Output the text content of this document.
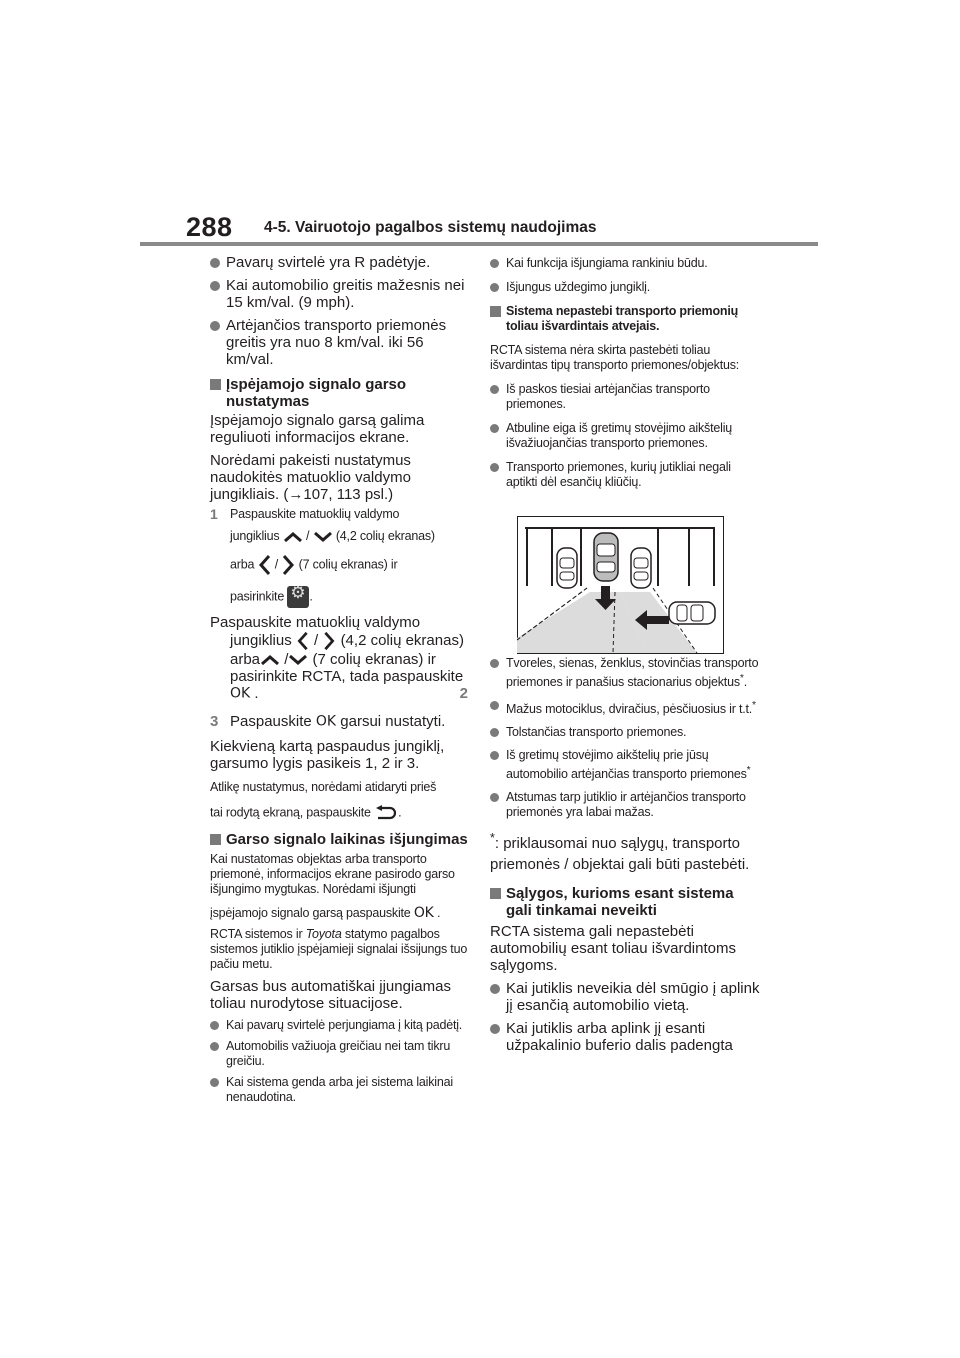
288 4-5. Vairuotojo pagalbos sistemų naudojimas

Pavarų svirtelė yra R padėtyje.

Kai automobilio greitis mažesnis nei 15 km/val. (9 mph).

Artėjančios transporto priemonės greitis yra nuo 8 km/val. iki 56 km/val.

Įspėjamojo signalo garso nustatymas

Įspėjamojo signalo garsą galima reguliuoti informacijos ekrane.

Norėdami pakeisti nustatymus naudokitės matuoklio valdymo jungikliais. (→107, 113 psl.)

1 Paspauskite matuoklių valdymo
jungiklius / (4,2 colių ekranas)
arba / (7 colių ekranas) ir
pasirinkite ⚙ .
Paspauskite matuoklių valdymo
jungiklius / (4,2 colių ekranas)
arba / (7 colių ekranas) ir
pasirinkite RCTA, tada paspauskite
OK .	2
3 Paspauskite OK garsui nustatyti.

Kiekvieną kartą paspaudus jungiklį, garsumo lygis pasikeis 1, 2 ir 3.

Atlikę nustatymus, norėdami atidaryti prieš

tai rodytą ekraną, paspauskite .

Garso signalo laikinas išjungimas

Kai nustatomas objektas arba transporto priemonė, informacijos ekrane pasirodo garso išjungimo mygtukas. Norėdami išjungti

įspėjamojo signalo garsą paspauskite OK .

RCTA sistemos ir Toyota statymo pagalbos sistemos jutiklio įspėjamieji signalai išsijungs tuo pačiu metu.

Garsas bus automatiškai įjungiamas toliau nurodytose situacijose.

Kai pavarų svirtelė perjungiama į kitą padėtį.

Automobilis važiuoja greičiau nei tam tikru greičiu.

Kai sistema genda arba jei sistema laikinai nenaudotina.

Kai funkcija išjungiama rankiniu būdu.

Išjungus uždegimo jungiklį.

Sistema nepastebi transporto priemonių toliau išvardintais atvejais.

RCTA sistema nėra skirta pastebėti toliau išvardintas tipų transporto priemones/objektus:

Iš paskos tiesiai artėjančias transporto priemones.

Atbuline eiga iš gretimų stovėjimo aikštelių išvažiuojančias transporto priemones.

Transporto priemones, kurių jutikliai negali aptikti dėl esančių kliūčių.

Tvoreles, sienas, ženklus, stovinčias transporto priemones ir panašius stacionarius objektus*.

Mažus motociklus, dviračius, pėsčiuosius ir t.t.*

Tolstančias transporto priemones.

Iš gretimų stovėjimo aikštelių prie jūsų automobilio artėjančias transporto priemones*

Atstumas tarp jutiklio ir artėjančios transporto priemonės yra labai mažas.

*: priklausomai nuo sąlygų, transporto priemonės / objektai gali būti pastebėti.

Sąlygos, kurioms esant sistema gali tinkamai neveikti

RCTA sistema gali nepastebėti automobilių esant toliau išvardintoms sąlygoms.

Kai jutiklis neveikia dėl smūgio į aplink jį esančią automobilio vietą.

Kai jutiklis arba aplink jį esanti užpakalinio buferio dalis padengta
